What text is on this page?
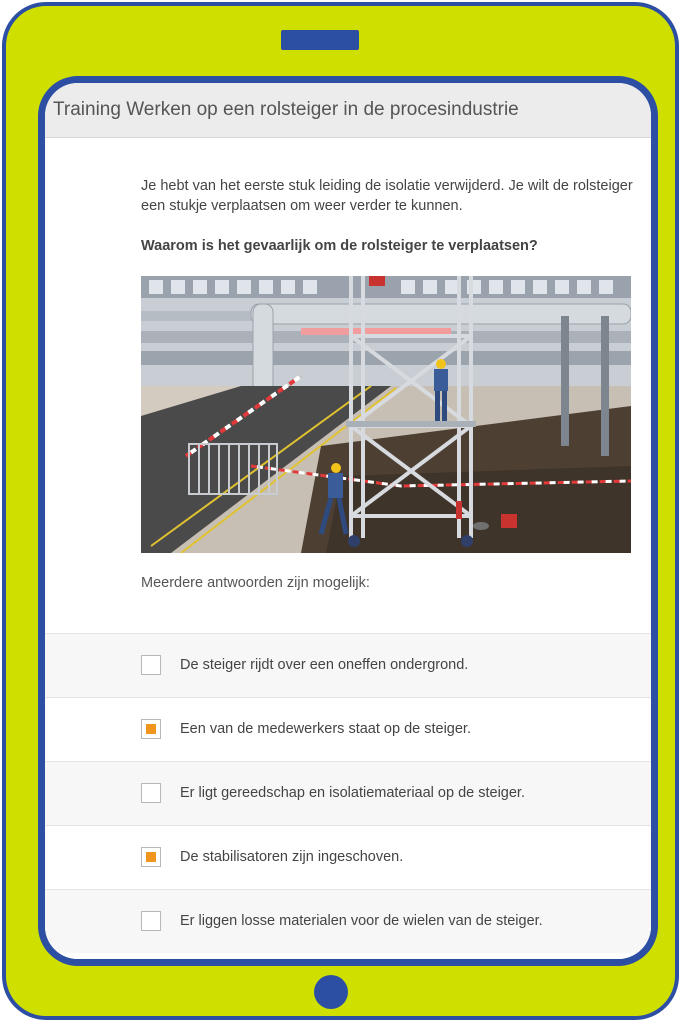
Training Werken op een rolsteiger in de procesindustrie
Je hebt van het eerste stuk leiding de isolatie verwijderd. Je wilt de rolsteiger een stukje verplaatsen om weer verder te kunnen.
Waarom is het gevaarlijk om de rolsteiger te verplaatsen?
Meerdere antwoorden zijn mogelijk:
De steiger rijdt over een oneffen ondergrond.
Een van de medewerkers staat op de steiger.
Er ligt gereedschap en isolatiemateriaal op de steiger.
De stabilisatoren zijn ingeschoven.
Er liggen losse materialen voor de wielen van de steiger.
